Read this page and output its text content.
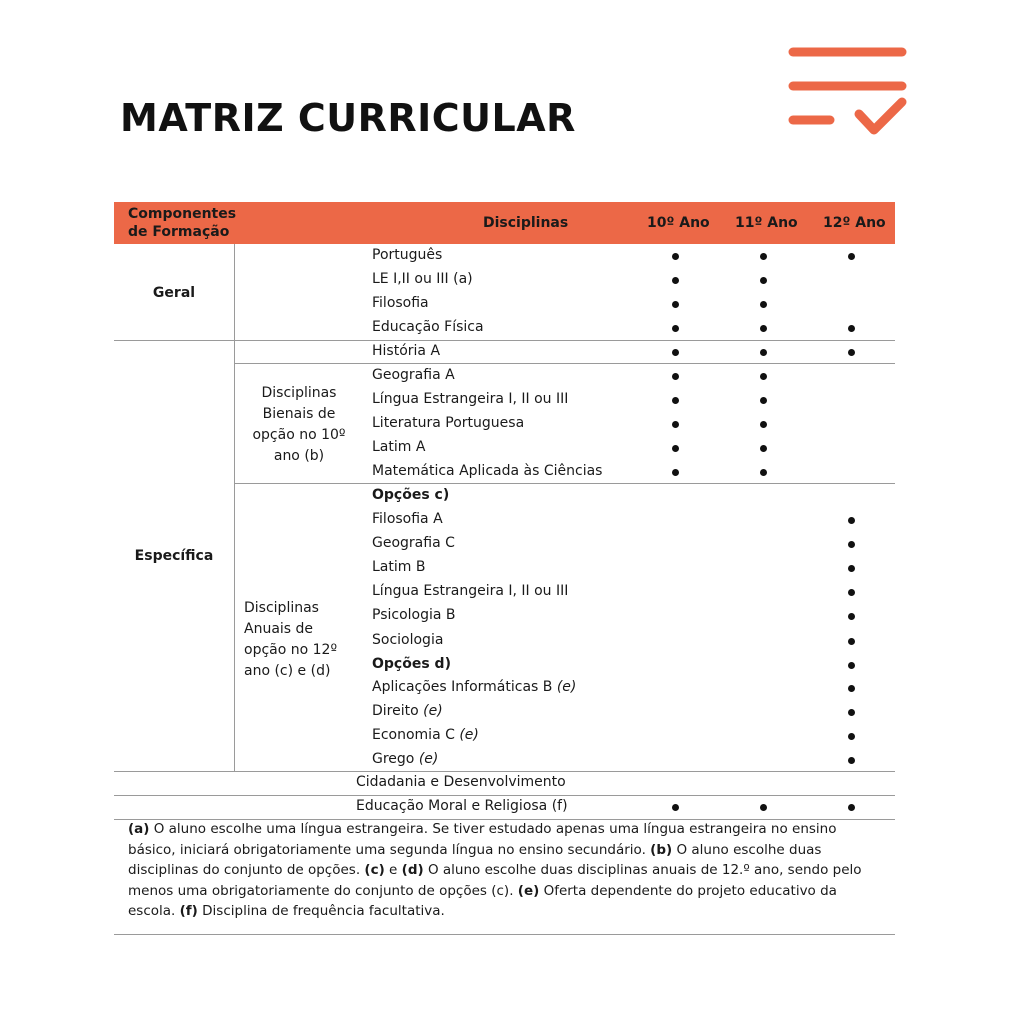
MATRIZ CURRICULAR
Componentes de Formação
Disciplinas	10º Ano 11º Ano 12º Ano
Geral
Específica
Disciplinas Bienais de opção no 10º ano (b)
Disciplinas Anuais de opção no 12º ano (c) e (d)
Português
LE I,II ou III (a)
Filosofia
Educação Física
História A
Geografia A
Língua Estrangeira I, II ou III
Literatura Portuguesa
Latim A
Matemática Aplicada às Ciências
Opções c)
Filosofia A
Geografia C
Latim B
Língua Estrangeira I, II ou III
Psicologia B
Sociologia
Opções d)
Aplicações Informáticas B (e)
Direito (e)
Economia C (e)
Grego (e)
Cidadania e Desenvolvimento
Educação Moral e Religiosa (f)
(a) O aluno escolhe uma língua estrangeira. Se tiver estudado apenas uma língua estrangeira no ensino básico, iniciará obrigatoriamente uma segunda língua no ensino secundário. (b) O aluno escolhe duas disciplinas do conjunto de opções. (c) e (d) O aluno escolhe duas disciplinas anuais de 12.º ano, sendo pelo menos uma obrigatoriamente do conjunto de opções (c). (e) Oferta dependente do projeto educativo da escola. (f) Disciplina de frequência facultativa.
